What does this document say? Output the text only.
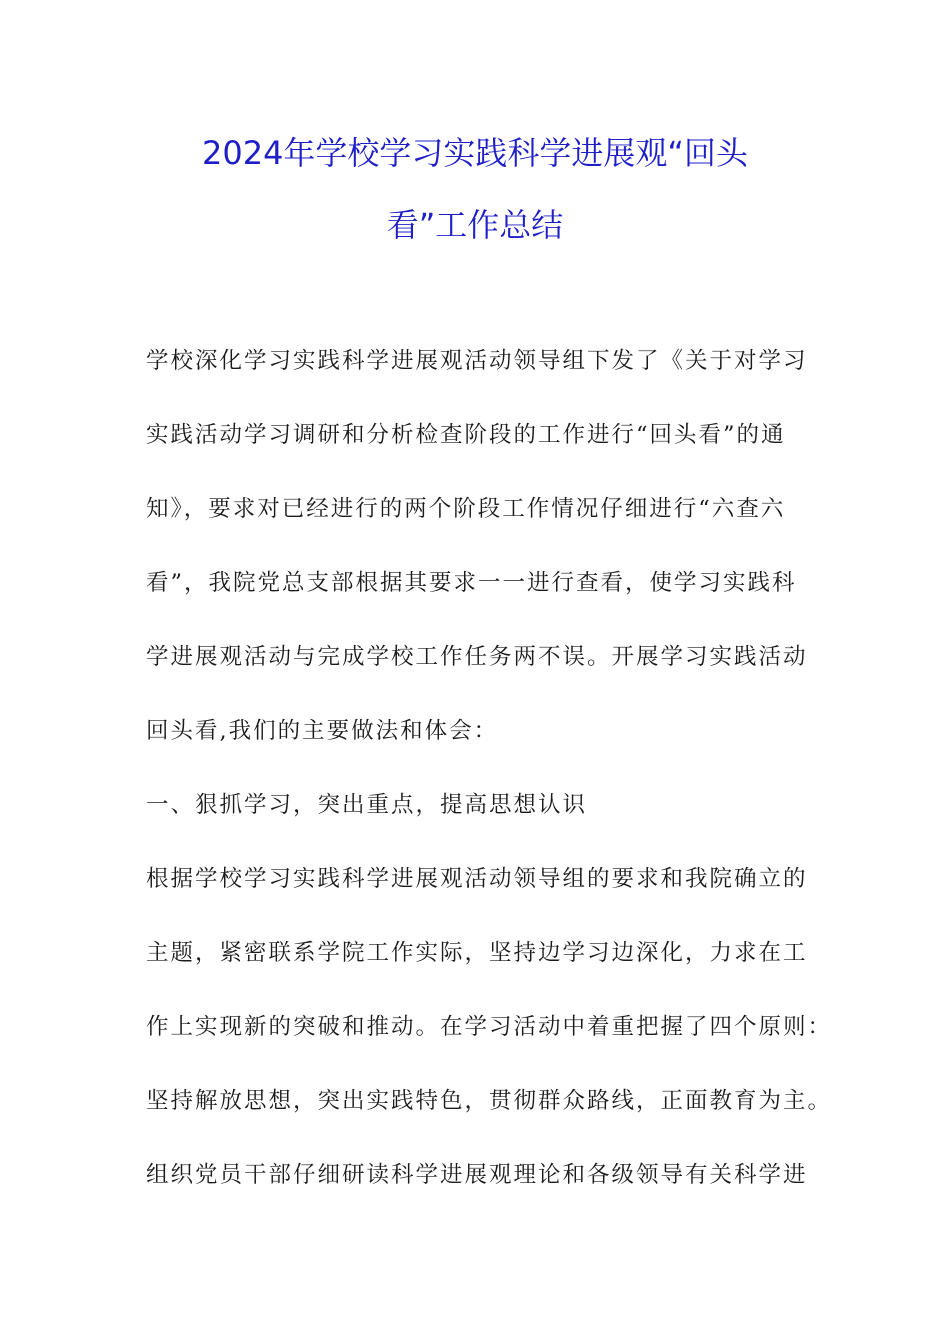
2024年学校学习实践科学进展观“回头
看”工作总结

学校深化学习实践科学进展观活动领导组下发了《关于对学习

实践活动学习调研和分析检查阶段的工作进行“回头看”的通

知》，要求对已经进行的两个阶段工作情况仔细进行“六查六

看”，我院党总支部根据其要求一一进行查看，使学习实践科

学进展观活动与完成学校工作任务两不误。开展学习实践活动

回头看,我们的主要做法和体会：

一、狠抓学习，突出重点，提高思想认识

根据学校学习实践科学进展观活动领导组的要求和我院确立的

主题，紧密联系学院工作实际，坚持边学习边深化，力求在工

作上实现新的突破和推动。在学习活动中着重把握了四个原则：

坚持解放思想，突出实践特色，贯彻群众路线，正面教育为主。

组织党员干部仔细研读科学进展观理论和各级领导有关科学进
